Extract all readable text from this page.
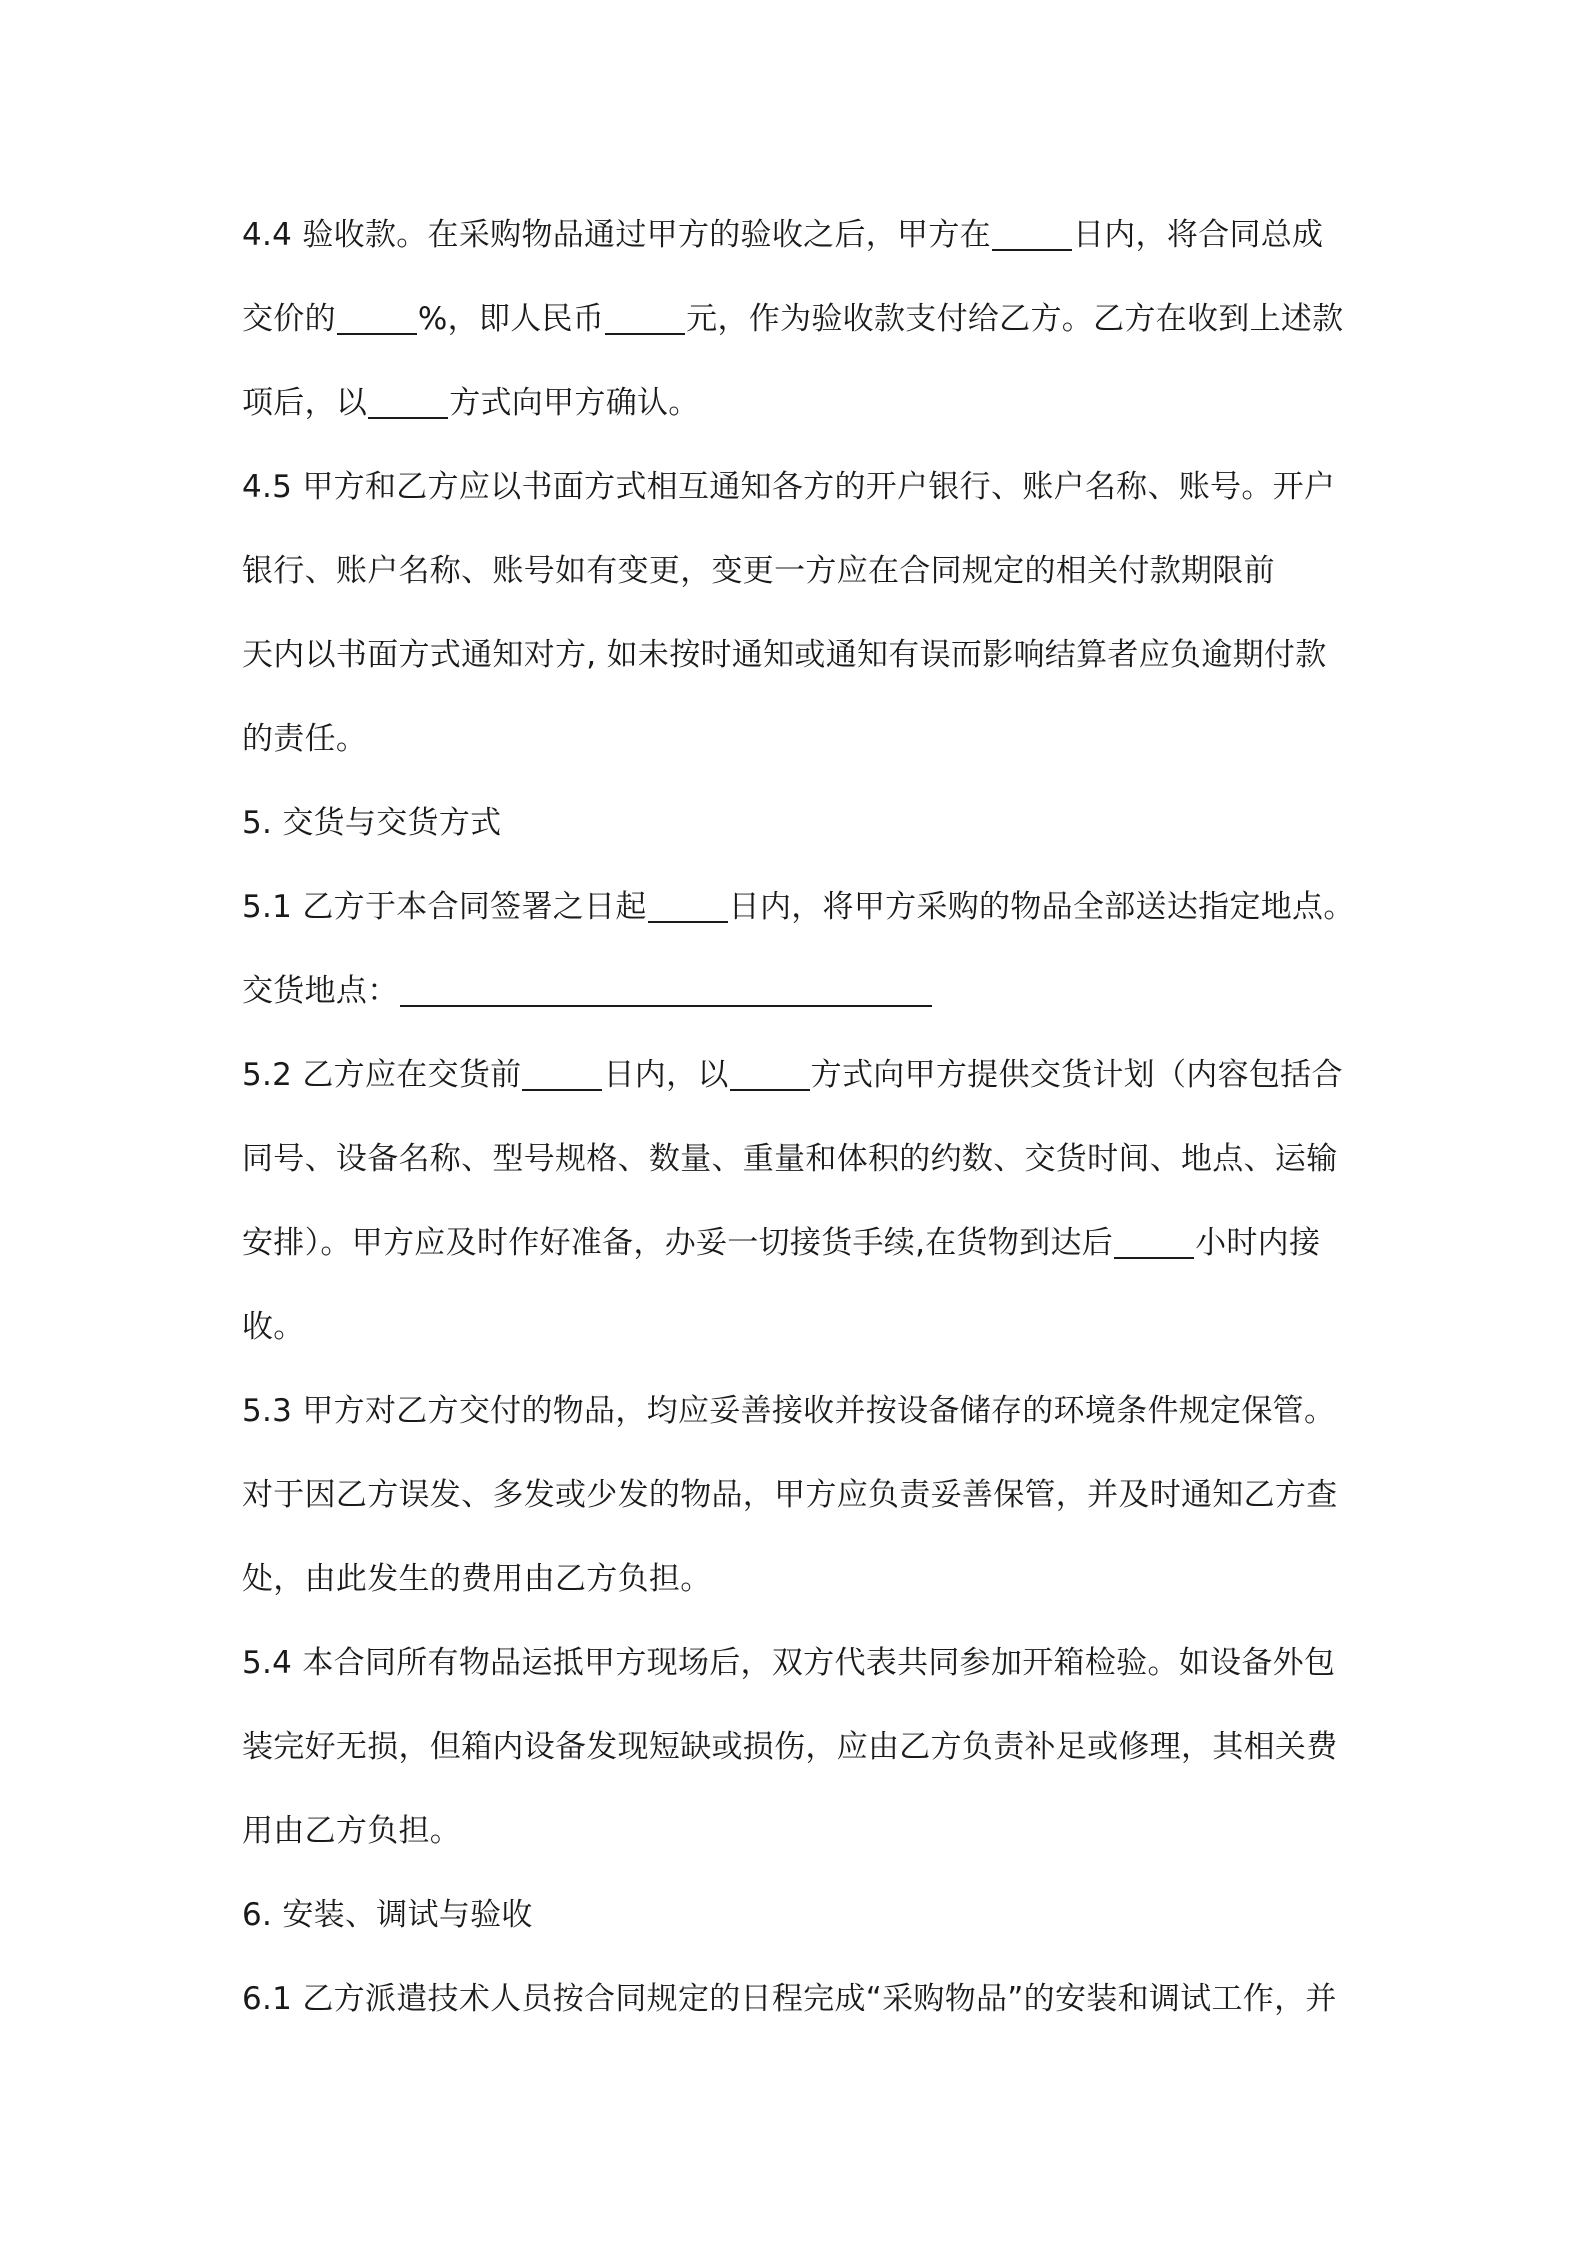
4.4 验收款。在采购物品通过甲方的验收之后，甲方在	日内，将合同总成
交价的	%，即人民币	元，作为验收款支付给乙方。乙方在收到上述款
项后，以	方式向甲方确认。
4.5 甲方和乙方应以书面方式相互通知各方的开户银行、账户名称、账号。开户
银行、账户名称、账号如有变更，变更一方应在合同规定的相关付款期限前
天内以书面方式通知对方, 如未按时通知或通知有误而影响结算者应负逾期付款
的责任。
5. 交货与交货方式
5.1 乙方于本合同签署之日起	日内，将甲方采购的物品全部送达指定地点。
交货地点：
5.2 乙方应在交货前	日内，以	方式向甲方提供交货计划（内容包括合
同号、设备名称、型号规格、数量、重量和体积的约数、交货时间、地点、运输
安排）。甲方应及时作好准备，办妥一切接货手续,在货物到达后	小时内接
收。
5.3 甲方对乙方交付的物品，均应妥善接收并按设备储存的环境条件规定保管。
对于因乙方误发、多发或少发的物品，甲方应负责妥善保管，并及时通知乙方查
处，由此发生的费用由乙方负担。
5.4 本合同所有物品运抵甲方现场后，双方代表共同参加开箱检验。如设备外包
装完好无损，但箱内设备发现短缺或损伤，应由乙方负责补足或修理，其相关费
用由乙方负担。
6. 安装、调试与验收
6.1 乙方派遣技术人员按合同规定的日程完成“采购物品”的安装和调试工作，并
